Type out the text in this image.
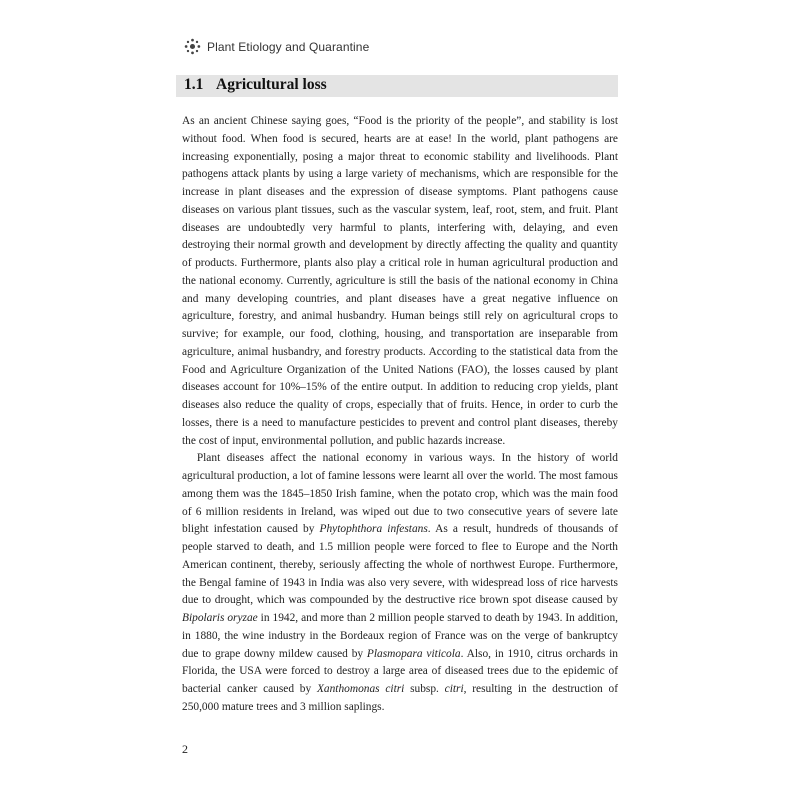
Plant Etiology and Quarantine
1.1 Agricultural loss

As an ancient Chinese saying goes, “Food is the priority of the people”, and stability is lost without food. When food is secured, hearts are at ease! In the world, plant pathogens are increasing exponentially, posing a major threat to economic stability and livelihoods. Plant pathogens attack plants by using a large variety of mechanisms, which are responsible for the increase in plant diseases and the expression of disease symptoms. Plant pathogens cause diseases on various plant tissues, such as the vascular system, leaf, root, stem, and fruit. Plant diseases are undoubtedly very harmful to plants, interfering with, delaying, and even destroying their normal growth and development by directly affecting the quality and quantity of products. Furthermore, plants also play a critical role in human agricultural production and the national economy. Currently, agriculture is still the basis of the national economy in China and many developing countries, and plant diseases have a great negative influence on agriculture, forestry, and animal husbandry. Human beings still rely on agricultural crops to survive; for example, our food, clothing, housing, and transportation are inseparable from agriculture, animal husbandry, and forestry products. According to the statistical data from the Food and Agriculture Organization of the United Nations (FAO), the losses caused by plant diseases account for 10%–15% of the entire output. In addition to reducing crop yields, plant diseases also reduce the quality of crops, especially that of fruits. Hence, in order to curb the losses, there is a need to manufacture pesticides to prevent and control plant diseases, thereby the cost of input, environmental pollution, and public hazards increase.

Plant diseases affect the national economy in various ways. In the history of world agricultural production, a lot of famine lessons were learnt all over the world. The most famous among them was the 1845–1850 Irish famine, when the potato crop, which was the main food of 6 million residents in Ireland, was wiped out due to two consecutive years of severe late blight infestation caused by Phytophthora infestans. As a result, hundreds of thousands of people starved to death, and 1.5 million people were forced to flee to Europe and the North American continent, thereby, seriously affecting the whole of northwest Europe. Furthermore, the Bengal famine of 1943 in India was also very severe, with widespread loss of rice harvests due to drought, which was compounded by the destructive rice brown spot disease caused by Bipolaris oryzae in 1942, and more than 2 million people starved to death by 1943. In addition, in 1880, the wine industry in the Bordeaux region of France was on the verge of bankruptcy due to grape downy mildew caused by Plasmopara viticola. Also, in 1910, citrus orchards in Florida, the USA were forced to destroy a large area of diseased trees due to the epidemic of bacterial canker caused by Xanthomonas citri subsp. citri, resulting in the destruction of 250,000 mature trees and 3 million saplings.

2
